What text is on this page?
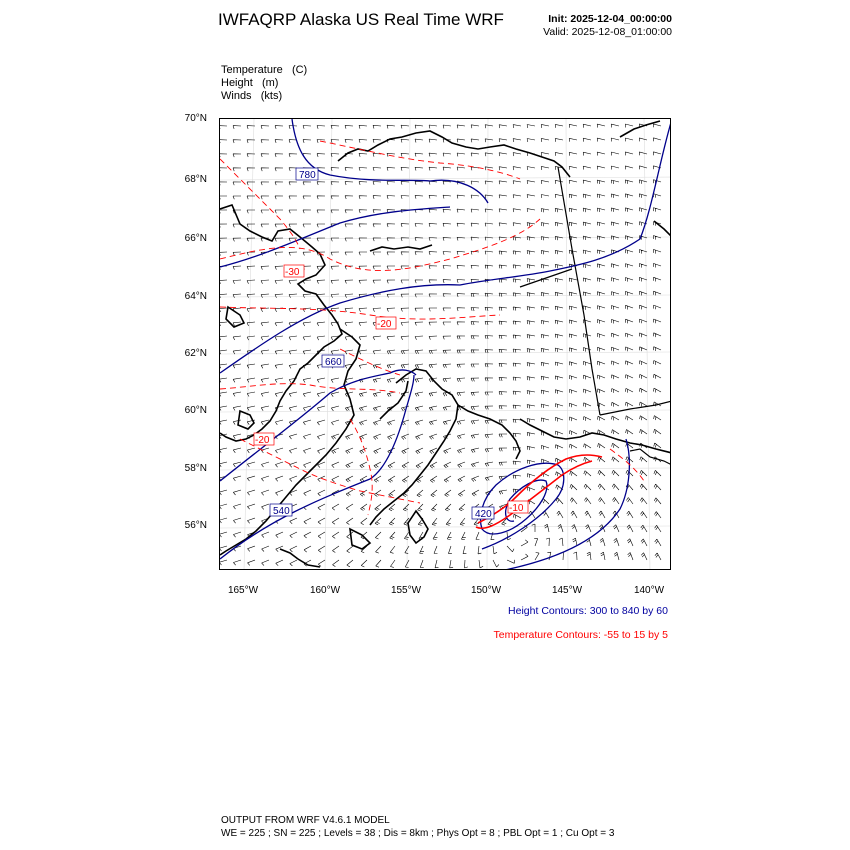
IWFAQRP Alaska US Real Time WRF	Init: 2025-12-04_00:00:00
Valid: 2025-12-08_01:00:00
Temperature (C)
Height (m)
Winds (kts)
70°N
68°N
66°N
64°N
62°N
60°N
58°N
56°N
165°W	160°W	155°W	150°W	145°W	140°W
780
660
540	420
-30
-20
-20
-10
Height Contours: 300 to 840 by 60
Temperature Contours: -55 to 15 by 5
OUTPUT FROM WRF V4.6.1 MODEL
WE = 225 ; SN = 225 ; Levels = 38 ; Dis = 8km ; Phys Opt = 8 ; PBL Opt = 1 ; Cu Opt = 3
